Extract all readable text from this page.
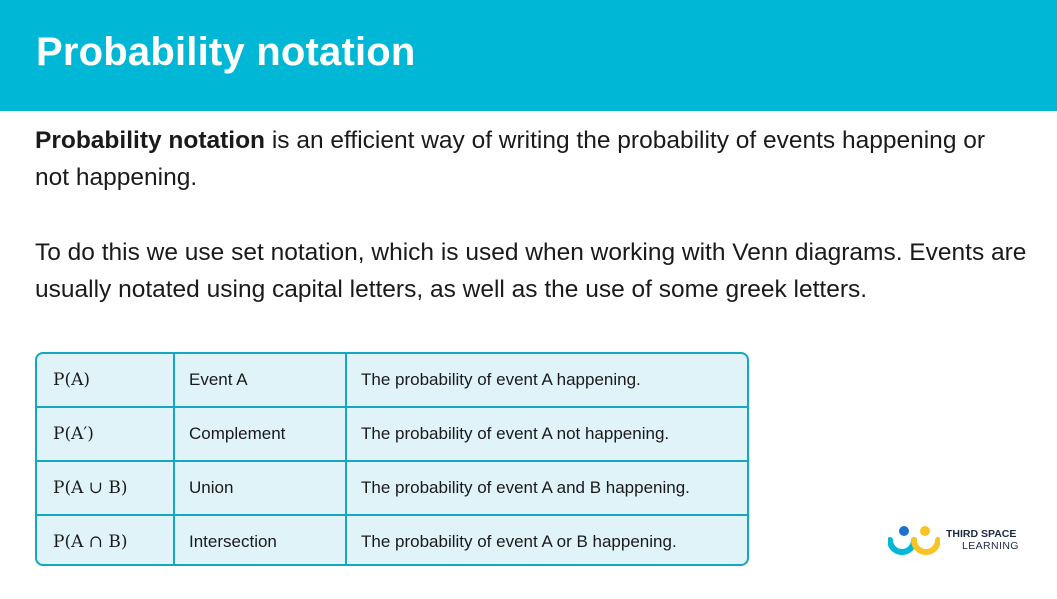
Probability notation

Probability notation is an efficient way of writing the probability of events happening or not happening.

To do this we use set notation, which is used when working with Venn diagrams. Events are usually notated using capital letters, as well as the use of some greek letters.

P(A)	Event A	The probability of event A happening.
P(A′)	Complement	The probability of event A not happening.
P(A ∪ B)	Union	The probability of event A and B happening.
P(A ∩ B)	Intersection	The probability of event A or B happening.	THIRD SPACE
LEARNING
